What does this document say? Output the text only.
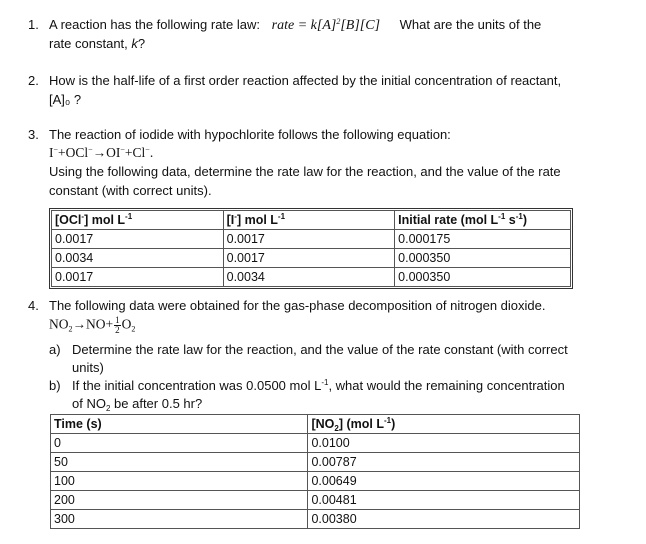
1. A reaction has the following rate law: rate = $k[A]^2[B][C]$ What are the units of the
rate constant, k?
2. How is the half-life of a first order reaction affected by the initial concentration of reactant,
[A]₀ ?
3. The reaction of iodide with hypochlorite follows the following equation:
I−+OCl−→OI−+Cl−.
Using the following data, determine the rate law for the reaction, and the value of the rate
constant (with correct units).
[OCl-] mol $L^{-1}$	[I-] mol $L^{-1}$	Initial rate (mol $L^{-1}$ $s^{-1}$)
0.0017	0.0017	0.000175
0.0034	0.0017	0.000350
0.0017	0.0034	0.000350
4. The following data were obtained for the gas-phase decomposition of nitrogen dioxide.
$NO_2\to NO+ \frac{1}{2} O_2$
a) Determine the rate law for the reaction, and the value of the rate constant (with correct
units)
b) If the initial concentration was 0.0500 mol $L^{-1}$, what would the remaining concentration
of $NO_2$ be after 0.5 hr?
Time (s)	$[NO_2]$ (mol $L^{-1}$)
0	0.0100
50	0.00787
100	0.00649
200	0.00481
300	0.00380
